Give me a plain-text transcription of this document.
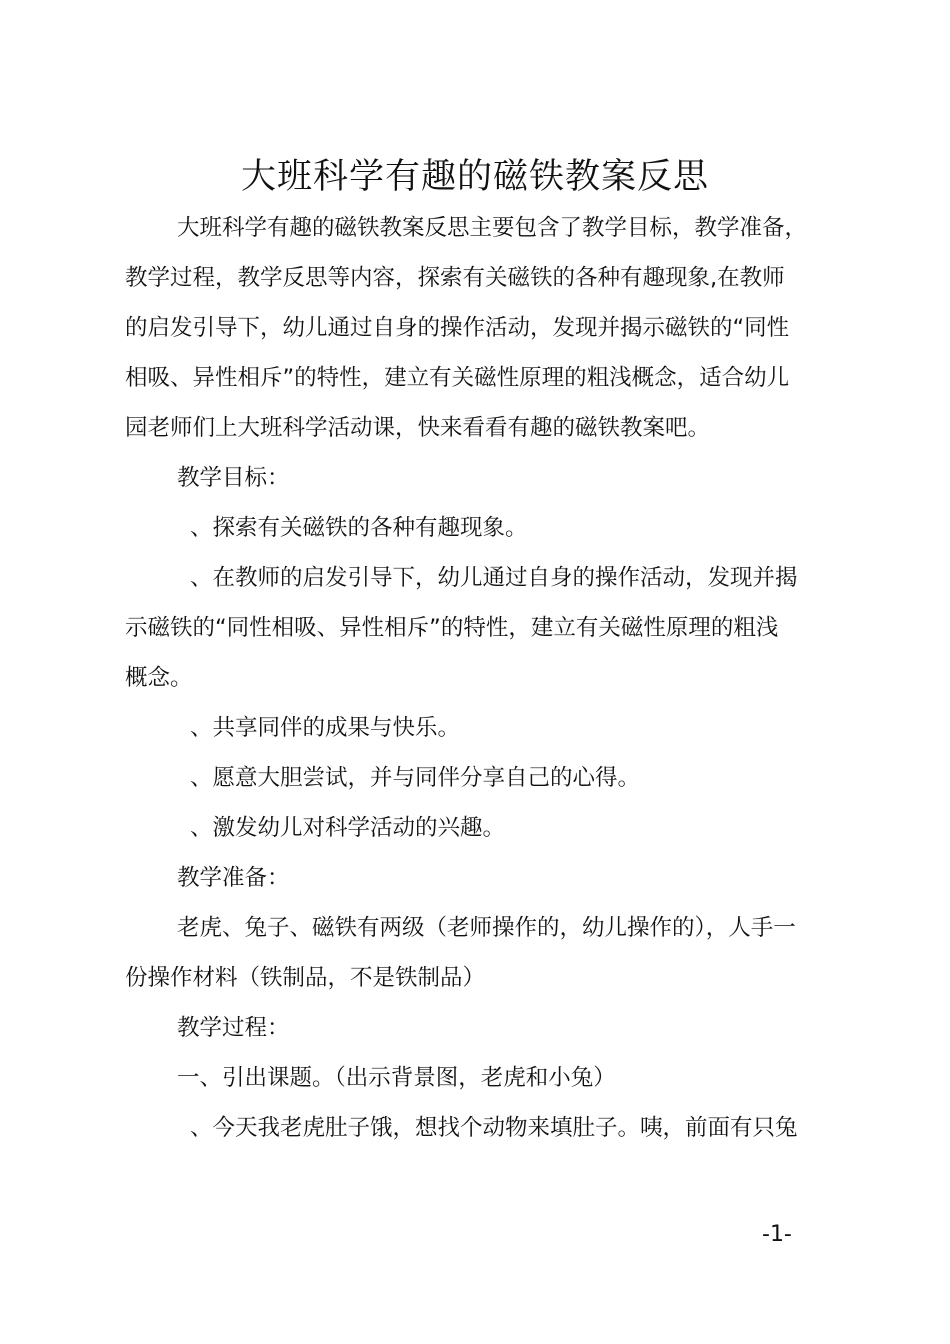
大班科学有趣的磁铁教案反思
大班科学有趣的磁铁教案反思主要包含了教学目标，教学准备，
教学过程，教学反思等内容，探索有关磁铁的各种有趣现象,在教师
的启发引导下，幼儿通过自身的操作活动，发现并揭示磁铁的“同性
相吸、异性相斥”的特性，建立有关磁性原理的粗浅概念，适合幼儿
园老师们上大班科学活动课，快来看看有趣的磁铁教案吧。
教学目标：
、探索有关磁铁的各种有趣现象。
、在教师的启发引导下，幼儿通过自身的操作活动，发现并揭
示磁铁的“同性相吸、异性相斥”的特性，建立有关磁性原理的粗浅
概念。
、共享同伴的成果与快乐。
、愿意大胆尝试，并与同伴分享自己的心得。
、激发幼儿对科学活动的兴趣。
教学准备：
老虎、兔子、磁铁有两级（老师操作的，幼儿操作的），人手一
份操作材料（铁制品，不是铁制品）
教学过程：
一、引出课题。（出示背景图，老虎和小兔）
、今天我老虎肚子饿，想找个动物来填肚子。咦，前面有只兔
-1-
